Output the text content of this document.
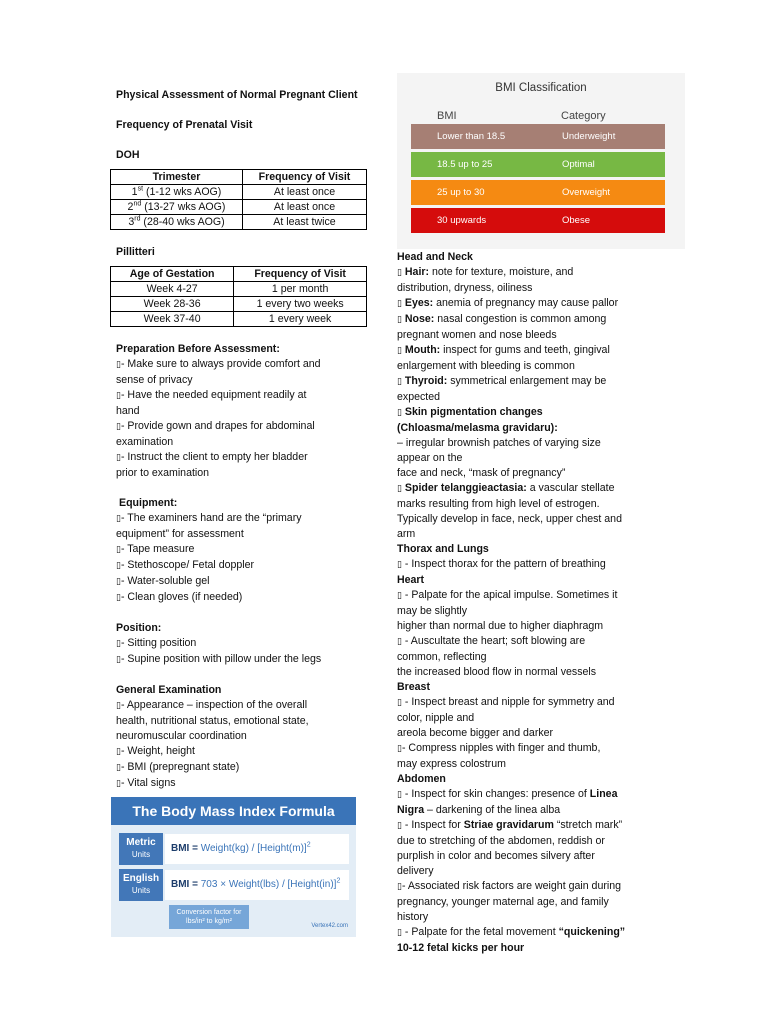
Physical Assessment of Normal Pregnant Client
Frequency of Prenatal Visit
DOH
Trimester	Frequency of Visit
1st (1-12 wks AOG)	At least once
2nd (13-27 wks AOG)	At least once
3rd (28-40 wks AOG)	At least twice
Pillitteri
Age of Gestation	Frequency of Visit
Week 4-27	1 per month
Week 28-36	1 every two weeks
Week 37-40	1 every week
Preparation Before Assessment:
▯- Make sure to always provide comfort and
sense of privacy
▯- Have the needed equipment readily at
hand
▯- Provide gown and drapes for abdominal
examination
▯- Instruct the client to empty her bladder
prior to examination
Equipment:
▯- The examiners hand are the “primary
equipment” for assessment
▯- Tape measure
▯- Stethoscope/ Fetal doppler
▯- Water-soluble gel
▯- Clean gloves (if needed)
Position:
▯- Sitting position
▯- Supine position with pillow under the legs
General Examination
▯- Appearance – inspection of the overall
health, nutritional status, emotional state,
neuromuscular coordination
▯- Weight, height
▯- BMI (prepregnant state)
▯- Vital signs
BMI Classification
BMI	Category
Lower than 18.5	Underweight
18.5 up to 25	Optimal
25 up to 30	Overweight
30 upwards	Obese
The Body Mass Index Formula
Metric
Units
BMI = Weight(kg) / [Height(m)]$^2$
English
Units
BMI = 703 × Weight(lbs) / [Height(in)]$^2$
Conversion factor for
lbs/in² to kg/m²
Vertex42.com
Head and Neck
▯ Hair: note for texture, moisture, and
distribution, dryness, oiliness
▯ Eyes: anemia of pregnancy may cause pallor
▯ Nose: nasal congestion is common among
pregnant women and nose bleeds
▯ Mouth: inspect for gums and teeth, gingival
enlargement with bleeding is common
▯ Thyroid: symmetrical enlargement may be
expected
▯ Skin pigmentation changes
(Chloasma/melasma gravidaru):
– irregular brownish patches of varying size
appear on the
face and neck, “mask of pregnancy”
▯ Spider telanggieactasia: a vascular stellate
marks resulting from high level of estrogen.
Typically develop in face, neck, upper chest and
arm
Thorax and Lungs
▯ - Inspect thorax for the pattern of breathing
Heart
▯ - Palpate for the apical impulse. Sometimes it
may be slightly
higher than normal due to higher diaphragm
▯ - Auscultate the heart; soft blowing are
common, reflecting
the increased blood flow in normal vessels
Breast
▯ - Inspect breast and nipple for symmetry and
color, nipple and
areola become bigger and darker
▯- Compress nipples with finger and thumb,
may express colostrum
Abdomen
▯ - Inspect for skin changes: presence of Linea
Nigra – darkening of the linea alba
▯ - Inspect for Striae gravidarum “stretch mark”
due to stretching of the abdomen, reddish or
purplish in color and becomes silvery after
delivery
▯- Associated risk factors are weight gain during
pregnancy, younger maternal age, and family
history
▯ - Palpate for the fetal movement “quickening”
10-12 fetal kicks per hour
